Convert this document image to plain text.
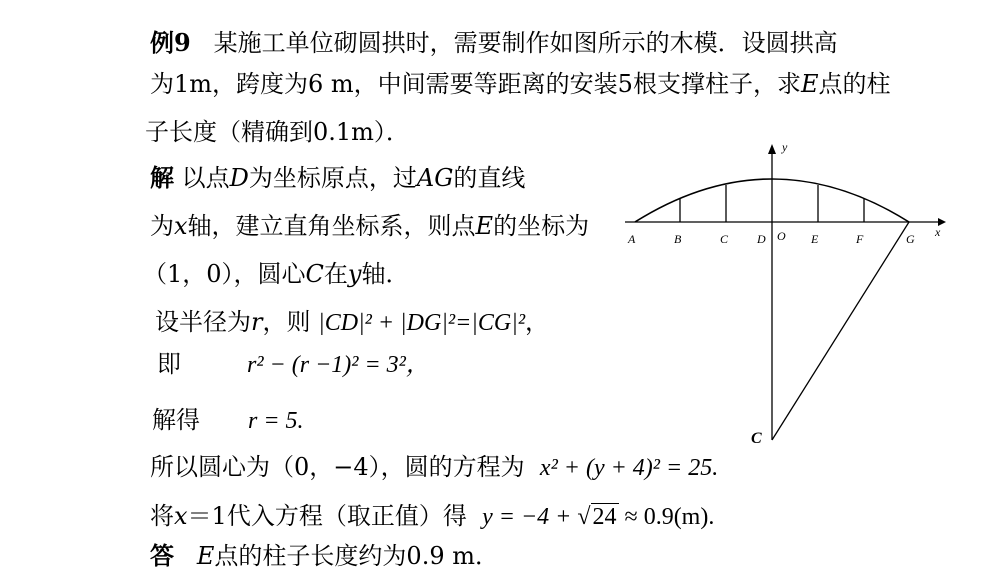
例9 某施工单位砌圆拱时，需要制作如图所示的木模．设圆拱高
为1m，跨度为6 m，中间需要等距离的安装5根支撑柱子，求E点的柱
子长度（精确到0.1m）．
解 以点D为坐标原点，过AG的直线
为x轴，建立直角坐标系，则点E的坐标为
（1，0），圆心C在y轴．
设半径为r，则 |CD|² + |DG|²=|CG|²，
即	r² − (r −1)² = 3²，
解得 r = 5.
所以圆心为（0，−4），圆的方程为 x² + (y + 4)² = 25.
将x＝1代入方程（取正值）得 y = −4 + √24 ≈ 0.9(m).
答 E点的柱子长度约为0.9 m．
A	B	C D O E	F	G x
y
C
